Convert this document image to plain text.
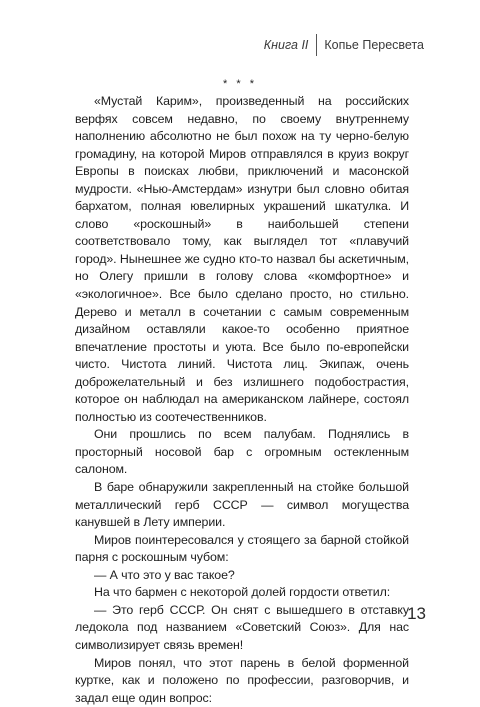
Книга II Копье Пересвета
* * *

«Мустай Карим», произведенный на российских верфях совсем недавно, по своему внутреннему наполнению абсолютно не был похож на ту черно-белую громадину, на которой Миров отправлялся в круиз вокруг Европы в поисках любви, приключений и масонской мудрости. «Нью-Амстердам» изнутри был словно обитая бархатом, полная ювелирных украшений шкатулка. И слово «роскошный» в наибольшей степени соответствовало тому, как выглядел тот «плавучий город». Нынешнее же судно кто-то назвал бы аскетичным, но Олегу пришли в голову слова «комфортное» и «экологичное». Все было сделано просто, но стильно. Дерево и металл в сочетании с самым современным дизайном оставляли какое-то особенно приятное впечатление простоты и уюта. Все было по-европейски чисто. Чистота линий. Чистота лиц. Экипаж, очень доброжелательный и без излишнего подобострастия, которое он наблюдал на американском лайнере, состоял полностью из соотечественников.

Они прошлись по всем палубам. Поднялись в просторный носовой бар с огромным остекленным салоном.

В баре обнаружили закрепленный на стойке большой металлический герб СССР — символ могущества канувшей в Лету империи.

Миров поинтересовался у стоящего за барной стойкой парня с роскошным чубом:

— А что это у вас такое?

На что бармен с некоторой долей гордости ответил:

— Это герб СССР. Он снят с вышедшего в отставку ледокола под названием «Советский Союз». Для нас символизирует связь времен!

Миров понял, что этот парень в белой форменной куртке, как и положено по профессии, разговорчив, и задал еще один вопрос:

13
